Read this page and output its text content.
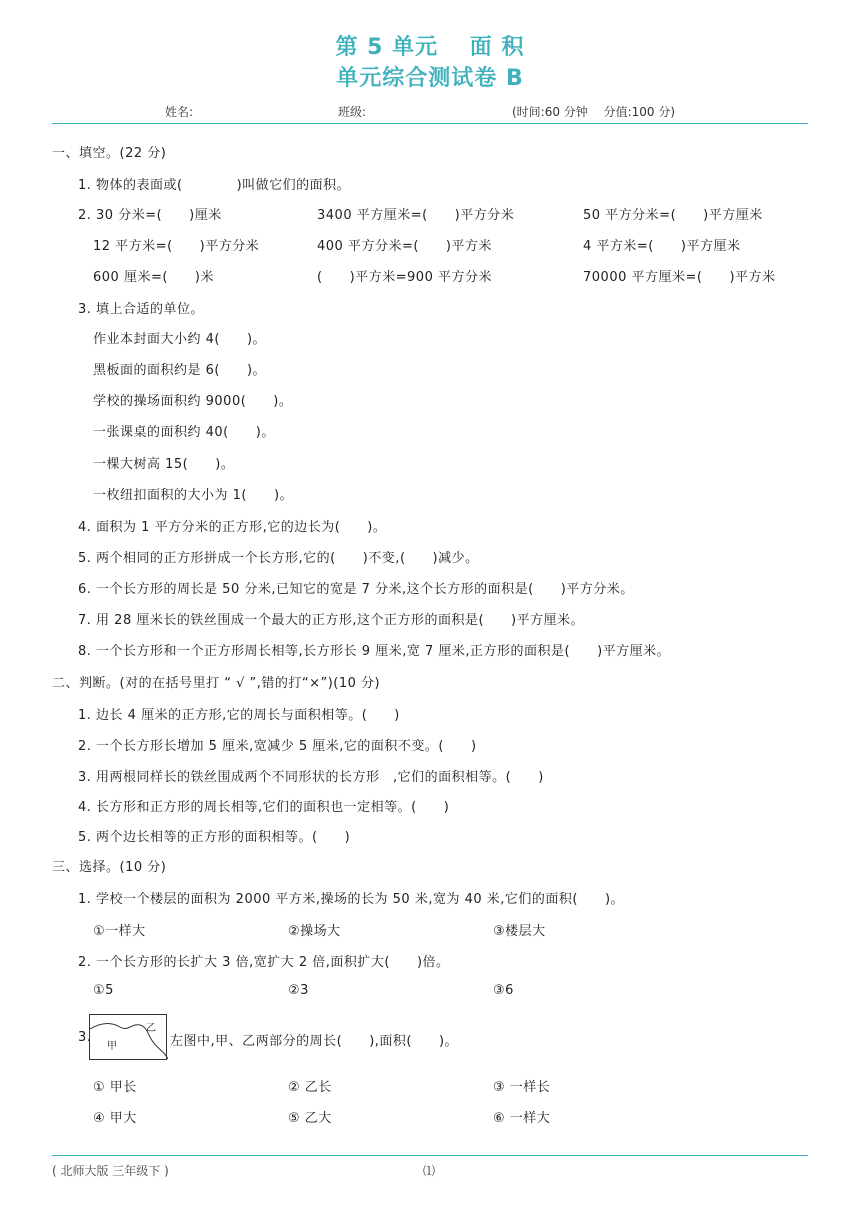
第 5 单元　 面 积
单元综合测试卷 B
姓名:	班级:	(时间:60 分钟　 分值:100 分)
一、填空。(22 分)
1. 物体的表面或(　　　　)叫做它们的面积。
2. 30 分米=(　　)厘米	3400 平方厘米=(　　)平方分米	50 平方分米=(　　)平方厘米
12 平方米=(　　)平方分米	400 平方分米=(　　)平方米	4 平方米=(　　)平方厘米
600 厘米=(　　)米	(　　)平方米=900 平方分米	70000 平方厘米=(　　)平方米
3. 填上合适的单位。
作业本封面大小约 4(　　)。
黑板面的面积约是 6(　　)。
学校的操场面积约 9000(　　)。
一张课桌的面积约 40(　　)。
一棵大树高 15(　　)。
一枚纽扣面积的大小为 1(　　)。
4. 面积为 1 平方分米的正方形,它的边长为(　　)。
5. 两个相同的正方形拼成一个长方形,它的(　　)不变,(　　)减少。
6. 一个长方形的周长是 50 分米,已知它的宽是 7 分米,这个长方形的面积是(　　)平方分米。
7. 用 28 厘米长的铁丝围成一个最大的正方形,这个正方形的面积是(　　)平方厘米。
8. 一个长方形和一个正方形周长相等,长方形长 9 厘米,宽 7 厘米,正方形的面积是(　　)平方厘米。
二、判断。(对的在括号里打 “ √ ”,错的打“×”)(10 分)
1. 边长 4 厘米的正方形,它的周长与面积相等。(　　)
2. 一个长方形长增加 5 厘米,宽减少 5 厘米,它的面积不变。(　　)
3. 用两根同样长的铁丝围成两个不同形状的长方形　,它们的面积相等。(　　)
4. 长方形和正方形的周长相等,它们的面积也一定相等。(　　)
5. 两个边长相等的正方形的面积相等。(　　)
三、选择。(10 分)
1. 学校一个楼层的面积为 2000 平方米,操场的长为 50 米,宽为 40 米,它们的面积(　　)。
①一样大	②操场大	③楼层大
2. 一个长方形的长扩大 3 倍,宽扩大 2 倍,面积扩大(　　)倍。
①5	②3	③6
3.
甲
乙
左图中,甲、乙两部分的周长(　　),面积(　　)。
① 甲长	② 乙长	③ 一样长
④ 甲大	⑤ 乙大	⑥ 一样大
( 北师大版 三年级下 )	⑴
